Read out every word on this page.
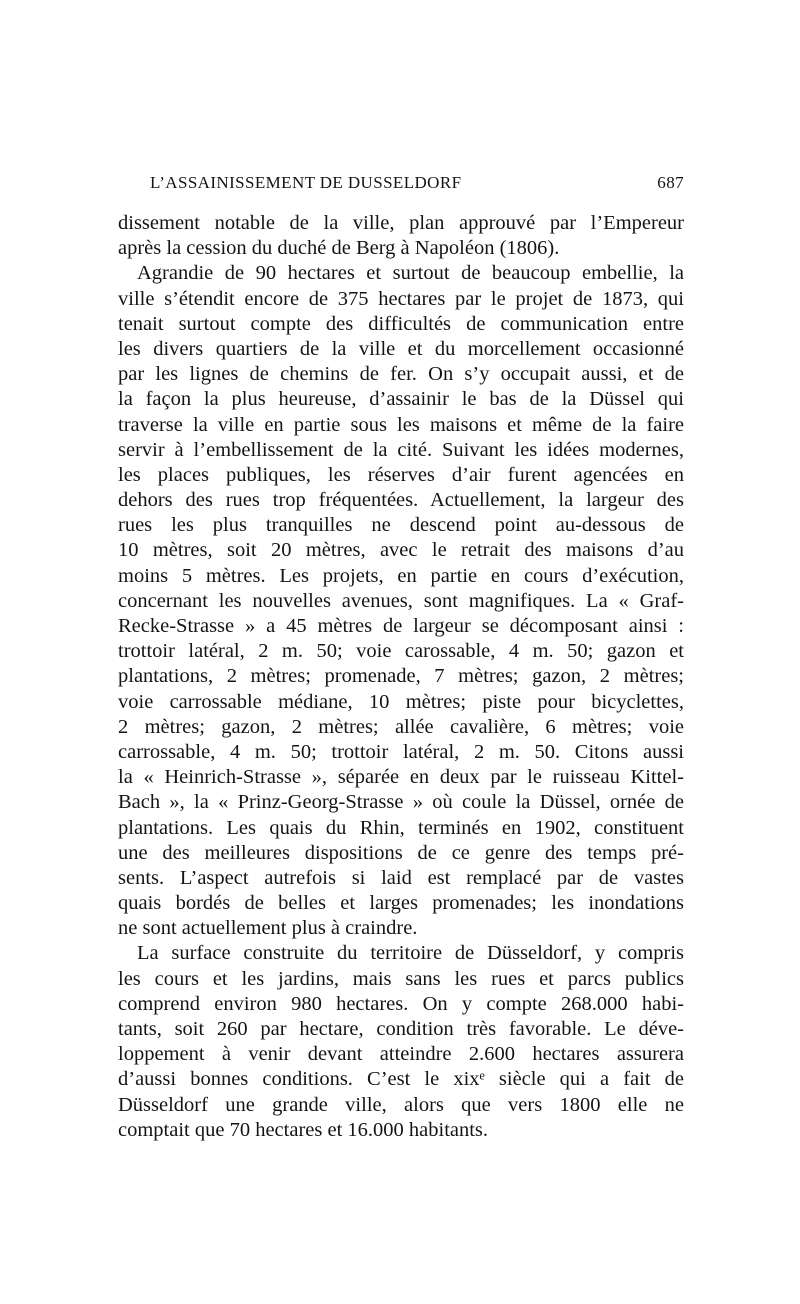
L’ASSAINISSEMENT DE DUSSELDORF	687
dissement notable de la ville, plan approuvé par l’Empereur
après la cession du duché de Berg à Napoléon (1806).
Agrandie de 90 hectares et surtout de beaucoup embellie, la
ville s’étendit encore de 375 hectares par le projet de 1873, qui
tenait surtout compte des difficultés de communication entre
les divers quartiers de la ville et du morcellement occasionné
par les lignes de chemins de fer. On s’y occupait aussi, et de
la façon la plus heureuse, d’assainir le bas de la Düssel qui
traverse la ville en partie sous les maisons et même de la faire
servir à l’embellissement de la cité. Suivant les idées modernes,
les places publiques, les réserves d’air furent agencées en
dehors des rues trop fréquentées. Actuellement, la largeur des
rues les plus tranquilles ne descend point au-dessous de
10 mètres, soit 20 mètres, avec le retrait des maisons d’au
moins 5 mètres. Les projets, en partie en cours d’exécution,
concernant les nouvelles avenues, sont magnifiques. La « Graf-
Recke-Strasse » a 45 mètres de largeur se décomposant ainsi :
trottoir latéral, 2 m. 50; voie carossable, 4 m. 50; gazon et
plantations, 2 mètres; promenade, 7 mètres; gazon, 2 mètres;
voie carrossable médiane, 10 mètres; piste pour bicyclettes,
2 mètres; gazon, 2 mètres; allée cavalière, 6 mètres; voie
carrossable, 4 m. 50; trottoir latéral, 2 m. 50. Citons aussi
la « Heinrich-Strasse », séparée en deux par le ruisseau Kittel-
Bach », la « Prinz-Georg-Strasse » où coule la Düssel, ornée de
plantations. Les quais du Rhin, terminés en 1902, constituent
une des meilleures dispositions de ce genre des temps pré-
sents. L’aspect autrefois si laid est remplacé par de vastes
quais bordés de belles et larges promenades; les inondations
ne sont actuellement plus à craindre.
La surface construite du territoire de Düsseldorf, y compris
les cours et les jardins, mais sans les rues et parcs publics
comprend environ 980 hectares. On y compte 268.000 habi-
tants, soit 260 par hectare, condition très favorable. Le déve-
loppement à venir devant atteindre 2.600 hectares assurera
d’aussi bonnes conditions. C’est le xixᵉ siècle qui a fait de
Düsseldorf une grande ville, alors que vers 1800 elle ne
comptait que 70 hectares et 16.000 habitants.
